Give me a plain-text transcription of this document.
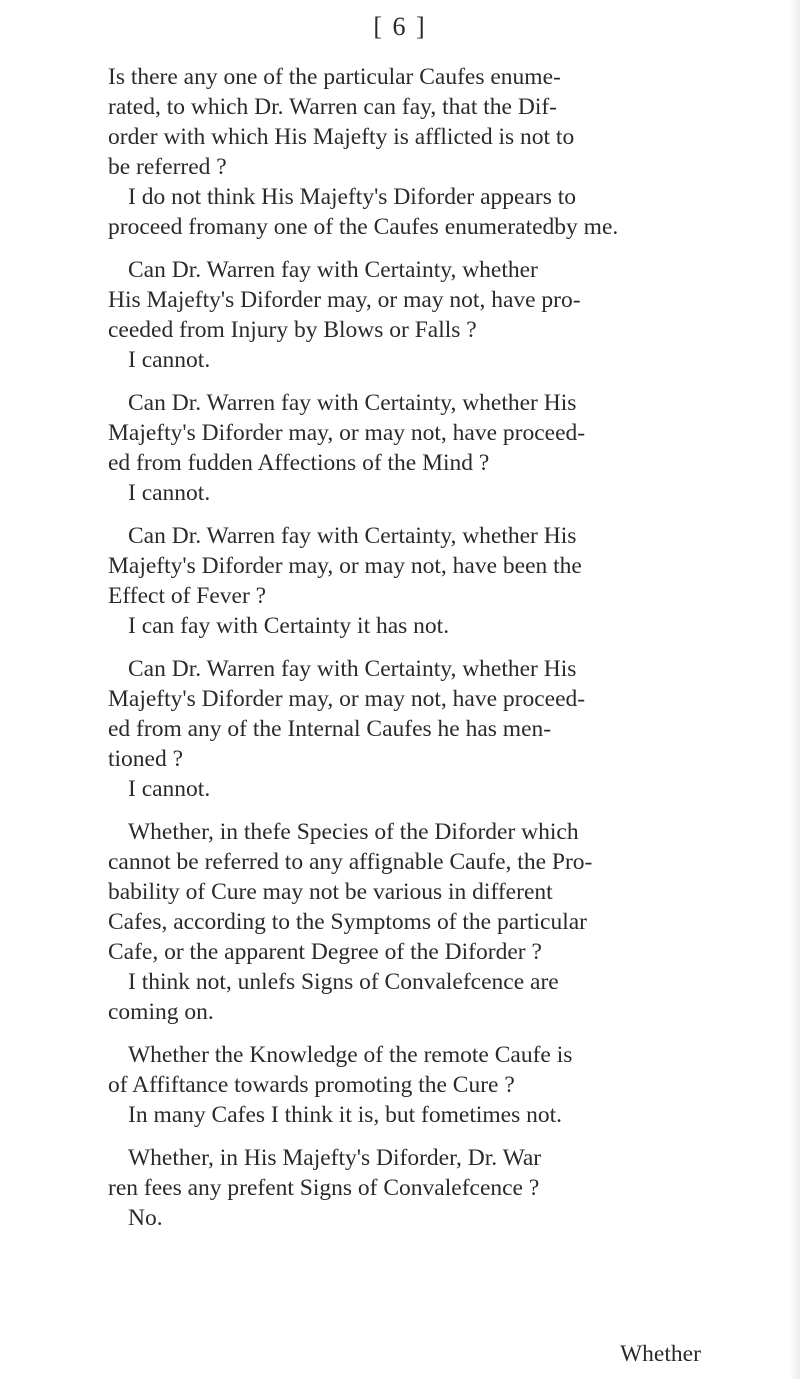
[ 6 ]
Is there any one of the particular Caufes enume-
rated, to which Dr. Warren can fay, that the Dif-
order with which His Majefty is afflicted is not to
be referred ?
I do not think His Majefty's Diforder appears to
proceed fromany one of the Caufes enumeratedby me.
Can Dr. Warren fay with Certainty, whether
His Majefty's Diforder may, or may not, have pro-
ceeded from Injury by Blows or Falls ?
I cannot.
Can Dr. Warren fay with Certainty, whether His
Majefty's Diforder may, or may not, have proceed-
ed from fudden Affections of the Mind ?
I cannot.
Can Dr. Warren fay with Certainty, whether His
Majefty's Diforder may, or may not, have been the
Effect of Fever ?
I can fay with Certainty it has not.
Can Dr. Warren fay with Certainty, whether His
Majefty's Diforder may, or may not, have proceed-
ed from any of the Internal Caufes he has men-
tioned ?
I cannot.
Whether, in thefe Species of the Diforder which
cannot be referred to any affignable Caufe, the Pro-
bability of Cure may not be various in different
Cafes, according to the Symptoms of the particular
Cafe, or the apparent Degree of the Diforder ?
I think not, unlefs Signs of Convalefcence are
coming on.
Whether the Knowledge of the remote Caufe is
of Affiftance towards promoting the Cure ?
In many Cafes I think it is, but fometimes not.
Whether, in His Majefty's Diforder, Dr. War
ren fees any prefent Signs of Convalefcence ?
No.
Whether
